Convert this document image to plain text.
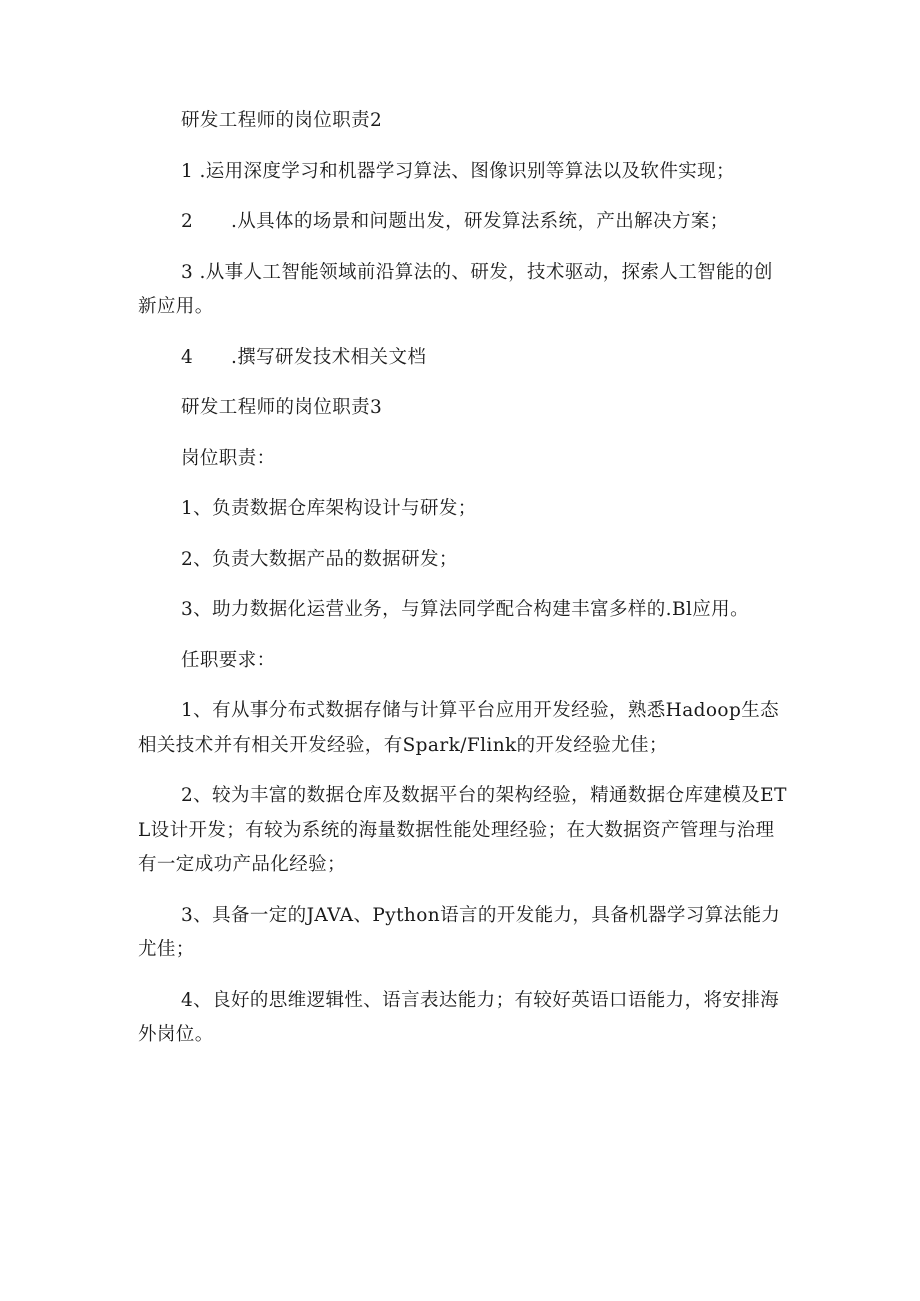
研发工程师的岗位职责2

1 .运用深度学习和机器学习算法、图像识别等算法以及软件实现；

2　　.从具体的场景和问题出发，研发算法系统，产出解决方案；

3 .从事人工智能领域前沿算法的、研发，技术驱动，探索人工智能的创新应用。

4　　.撰写研发技术相关文档

研发工程师的岗位职责3

岗位职责：

1、负责数据仓库架构设计与研发；

2、负责大数据产品的数据研发；

3、助力数据化运营业务，与算法同学配合构建丰富多样的.Bl应用。

任职要求：

1、有从事分布式数据存储与计算平台应用开发经验，熟悉Hadoop生态相关技术并有相关开发经验，有Spark/Flink的开发经验尤佳；

2、较为丰富的数据仓库及数据平台的架构经验，精通数据仓库建模及ETL设计开发；有较为系统的海量数据性能处理经验；在大数据资产管理与治理有一定成功产品化经验；

3、具备一定的JAVA、Python语言的开发能力，具备机器学习算法能力尤佳；

4、良好的思维逻辑性、语言表达能力；有较好英语口语能力，将安排海外岗位。
